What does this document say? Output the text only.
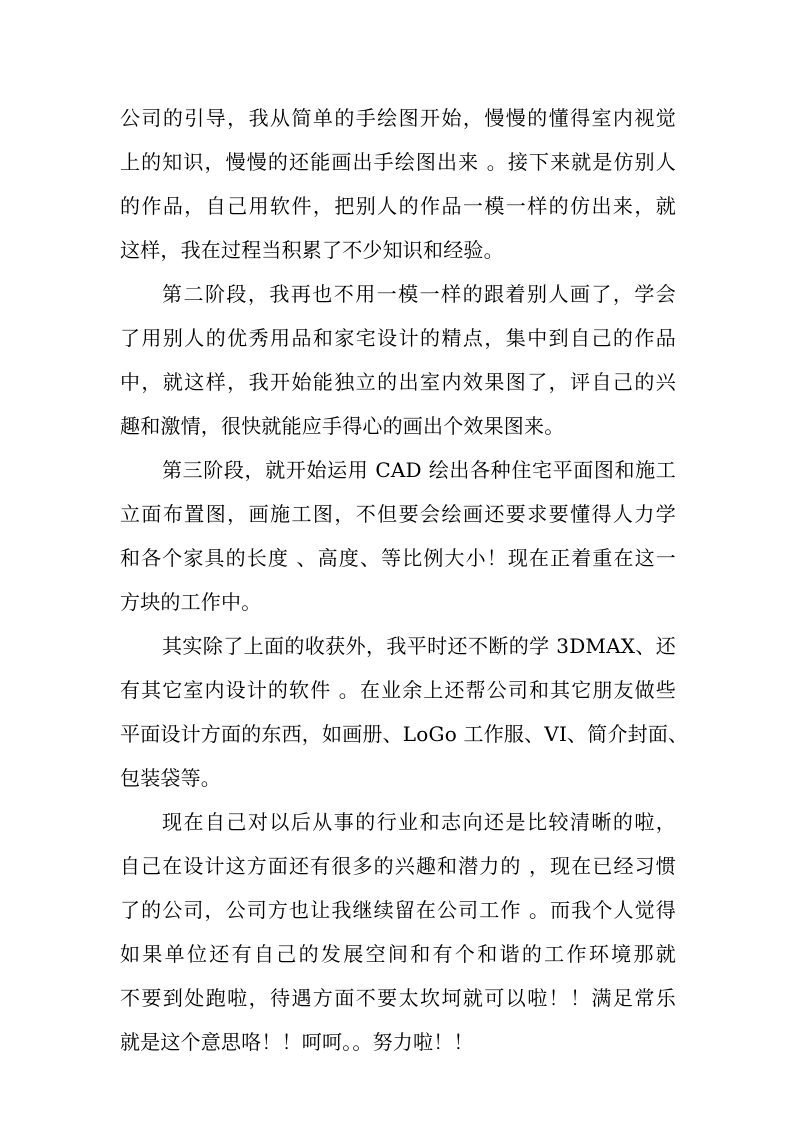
公司的引导，我从简单的手绘图开始，慢慢的懂得室内视觉
上的知识，慢慢的还能画出手绘图出来 。接下来就是仿别人
的作品，自己用软件，把别人的作品一模一样的仿出来，就
这样，我在过程当积累了不少知识和经验。
第二阶段，我再也不用一模一样的跟着别人画了，学会
了用别人的优秀用品和家宅设计的精点，集中到自己的作品
中，就这样，我开始能独立的出室内效果图了，评自己的兴
趣和激情，很快就能应手得心的画出个效果图来。
第三阶段，就开始运用 CAD 绘出各种住宅平面图和施工
立面布置图，画施工图，不但要会绘画还要求要懂得人力学
和各个家具的长度 、高度、等比例大小！现在正着重在这一
方块的工作中。
其实除了上面的收获外，我平时还不断的学 3DMAX、还
有其它室内设计的软件 。在业余上还帮公司和其它朋友做些
平面设计方面的东西，如画册、LoGo 工作服、VI、简介封面、
包装袋等。
现在自己对以后从事的行业和志向还是比较清晰的啦，
自己在设计这方面还有很多的兴趣和潜力的 ，现在已经习惯
了的公司，公司方也让我继续留在公司工作 。而我个人觉得
如果单位还有自己的发展空间和有个和谐的工作环境那就
不要到处跑啦，待遇方面不要太坎坷就可以啦！！满足常乐
就是这个意思咯！！呵呵。。努力啦！！
